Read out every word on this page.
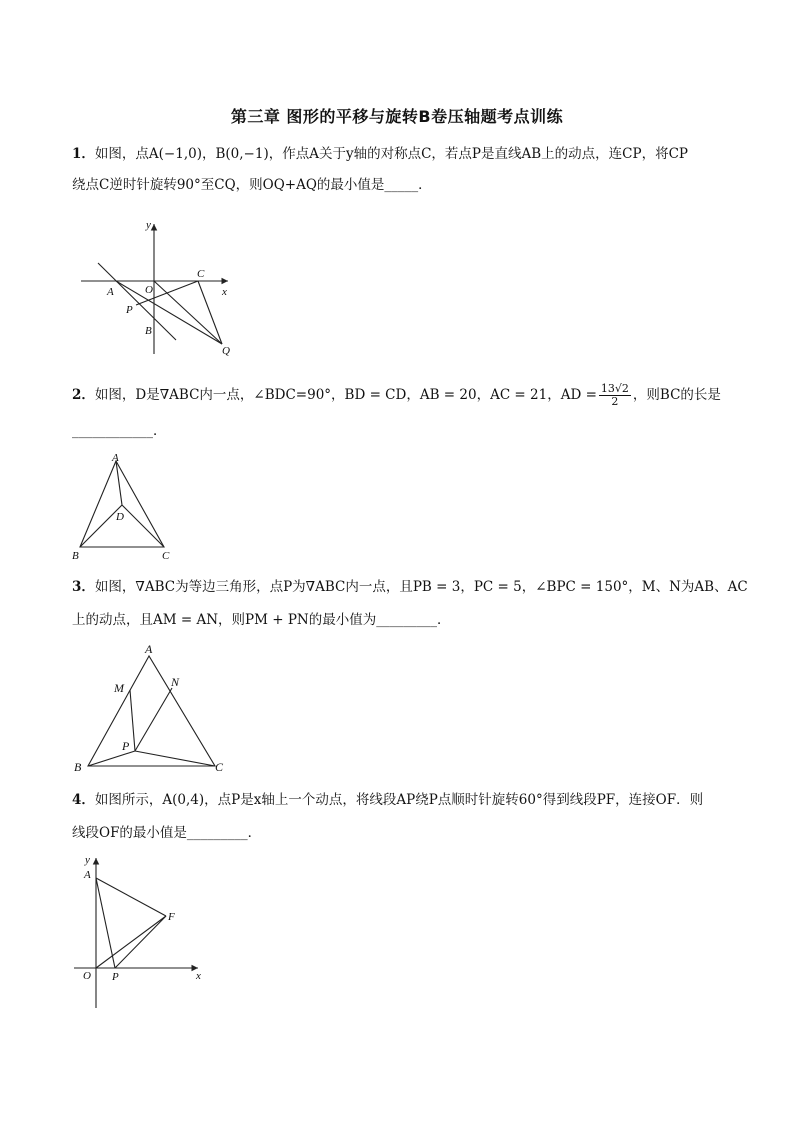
第三章 图形的平移与旋转B卷压轴题考点训练
1．如图，点A(−1,0)，B(0,−1)，作点A关于y轴的对称点C，若点P是直线AB上的动点，连CP，将CP
绕点C逆时针旋转90°至CQ，则OQ+AQ的最小值是_____．
y
x
A	O
C
P
B
Q
2．如图，D是∇ABC内一点，∠BDC=90°，BD = CD，AB = 20，AC = 21，AD = $\frac{13√2}{2}$ ，则BC的长是
____________．
A
D
B	C
3．如图，∇ABC为等边三角形，点P为∇ABC内一点，且PB = 3，PC = 5，∠BPC = 150°，M、N为AB、AC
上的动点，且AM = AN，则PM + PN的最小值为_________．
A
M	N
P
B	C
4．如图所示，A(0,4)，点P是x轴上一个动点，将线段AP绕P点顺时针旋转60°得到线段PF，连接OF．则
线段OF的最小值是_________．
y
A
F
O P	x
